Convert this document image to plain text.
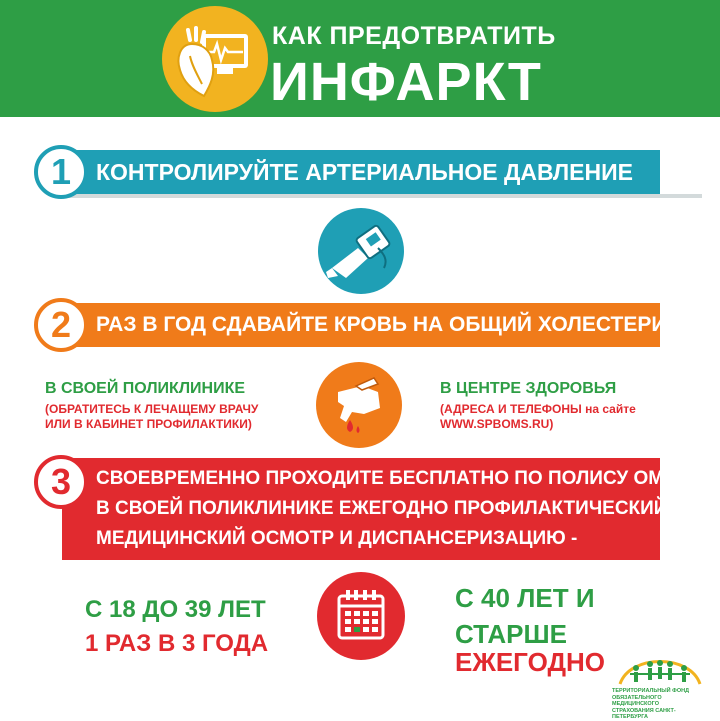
КАК ПРЕДОТВРАТИТЬ
ИНФАРКТ
КОНТРОЛИРУЙТЕ АРТЕРИАЛЬНОЕ ДАВЛЕНИЕ
1
РАЗ В ГОД СДАВАЙТЕ КРОВЬ НА ОБЩИЙ ХОЛЕСТЕРИН
2
В СВОЕЙ ПОЛИКЛИНИКЕ
(ОБРАТИТЕСЬ К ЛЕЧАЩЕМУ ВРАЧУ
ИЛИ В КАБИНЕТ ПРОФИЛАКТИКИ)
В ЦЕНТРЕ ЗДОРОВЬЯ
(АДРЕСА И ТЕЛЕФОНЫ на сайте
WWW.SPBOMS.RU)
СВОЕВРЕМЕННО ПРОХОДИТЕ БЕСПЛАТНО ПО ПОЛИСУ ОМС
В СВОЕЙ ПОЛИКЛИНИКЕ ЕЖЕГОДНО ПРОФИЛАКТИЧЕСКИЙ
МЕДИЦИНСКИЙ ОСМОТР И ДИСПАНСЕРИЗАЦИЮ -
3
С 18 ДО 39 ЛЕТ
1 РАЗ В 3 ГОДА
С 40 ЛЕТ И
СТАРШЕ
ЕЖЕГОДНО
ТЕРРИТОРИАЛЬНЫЙ ФОНД
ОБЯЗАТЕЛЬНОГО МЕДИЦИНСКОГО
СТРАХОВАНИЯ САНКТ-ПЕТЕРБУРГА
